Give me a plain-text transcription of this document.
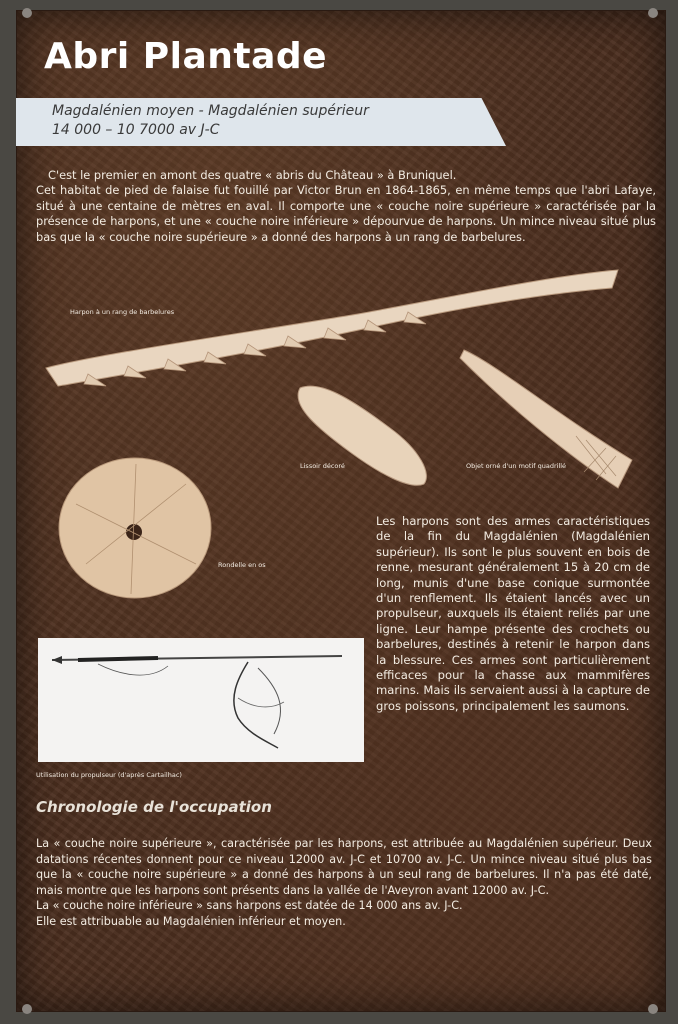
Abri Plantade
Magdalénien moyen - Magdalénien supérieur
14 000 – 10 7000 av J-C

C'est le premier en amont des quatre « abris du Château » à Bruniquel.

Cet habitat de pied de falaise fut fouillé par Victor Brun en 1864-1865, en même temps que l'abri Lafaye, situé à une centaine de mètres en aval. Il comporte une « couche noire supérieure » caractérisée par la présence de harpons, et une « couche noire inférieure » dépourvue de harpons. Un mince niveau situé plus bas que la « couche noire supérieure » a donné des harpons à un rang de barbelures.

Harpon à un rang de barbelures
Lissoir décoré	Objet orné d'un motif quadrillé
Rondelle en os
Utilisation du propulseur (d'après Cartailhac)
Les harpons sont des armes caractéristiques de la fin du Magdalénien (Magdalénien supérieur). Ils sont le plus souvent en bois de renne, mesurant généralement 15 à 20 cm de long, munis d'une base conique surmontée d'un renflement. Ils étaient lancés avec un propulseur, auxquels ils étaient reliés par une ligne. Leur hampe présente des crochets ou barbelures, destinés à retenir le harpon dans la blessure. Ces armes sont particulièrement efficaces pour la chasse aux mammifères marins. Mais ils servaient aussi à la capture de gros poissons, principalement les saumons.
Chronologie de l'occupation

La « couche noire supérieure », caractérisée par les harpons, est attribuée au Magdalénien supérieur. Deux datations récentes donnent pour ce niveau 12000 av. J-C et 10700 av. J-C. Un mince niveau situé plus bas que la « couche noire supérieure » a donné des harpons à un seul rang de barbelures. Il n'a pas été daté, mais montre que les harpons sont présents dans la vallée de l'Aveyron avant 12000 av. J-C.

La « couche noire inférieure » sans harpons est datée de 14 000 ans av. J-C.

Elle est attribuable au Magdalénien inférieur et moyen.
